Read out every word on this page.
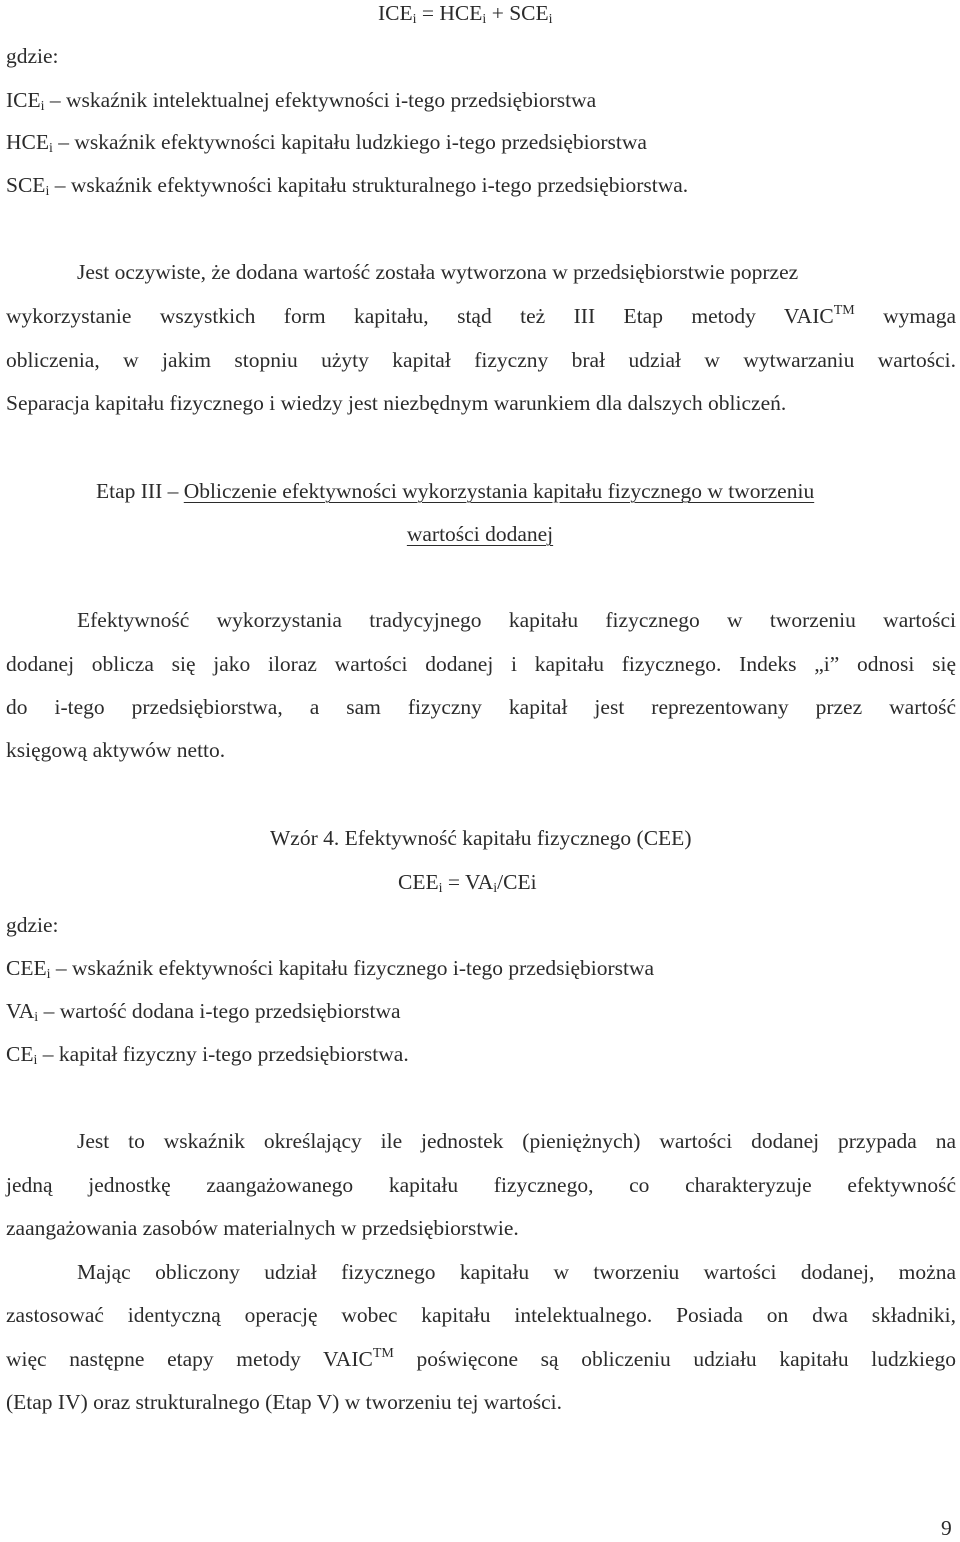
$ICE_i = HCE_i + SCE_i$
gdzie:
$ICE_i$ – wskaźnik intelektualnej efektywności i-tego przedsiębiorstwa
$HCE_i$ – wskaźnik efektywności kapitału ludzkiego i-tego przedsiębiorstwa
$SCE_i$ – wskaźnik efektywności kapitału strukturalnego i-tego przedsiębiorstwa.
Jest oczywiste, że dodana wartość została wytworzona w przedsiębiorstwie poprzez
wykorzystanie wszystkich form kapitału, stąd też III Etap metody VAIC™ wymaga
obliczenia, w jakim stopniu użyty kapitał fizyczny brał udział w wytwarzaniu wartości.
Separacja kapitału fizycznego i wiedzy jest niezbędnym warunkiem dla dalszych obliczeń.
Etap III – Obliczenie efektywności wykorzystania kapitału fizycznego w tworzeniu
wartości dodanej
Efektywność wykorzystania tradycyjnego kapitału fizycznego w tworzeniu wartości
dodanej oblicza się jako iloraz wartości dodanej i kapitału fizycznego. Indeks „i” odnosi się
do i-tego przedsiębiorstwa, a sam fizyczny kapitał jest reprezentowany przez wartość
księgową aktywów netto.
Wzór 4. Efektywność kapitału fizycznego (CEE)
$CEE_i = VA_i/CEi$
gdzie:
$CEE_i$ – wskaźnik efektywności kapitału fizycznego i-tego przedsiębiorstwa
$VA_i$ – wartość dodana i-tego przedsiębiorstwa
$CE_i$ – kapitał fizyczny i-tego przedsiębiorstwa.
Jest to wskaźnik określający ile jednostek (pieniężnych) wartości dodanej przypada na
jedną jednostkę zaangażowanego kapitału fizycznego, co charakteryzuje efektywność
zaangażowania zasobów materialnych w przedsiębiorstwie.
Mając obliczony udział fizycznego kapitału w tworzeniu wartości dodanej, można
zastosować identyczną operację wobec kapitału intelektualnego. Posiada on dwa składniki,
więc następne etapy metody VAIC™ poświęcone są obliczeniu udziału kapitału ludzkiego
(Etap IV) oraz strukturalnego (Etap V) w tworzeniu tej wartości.
9
